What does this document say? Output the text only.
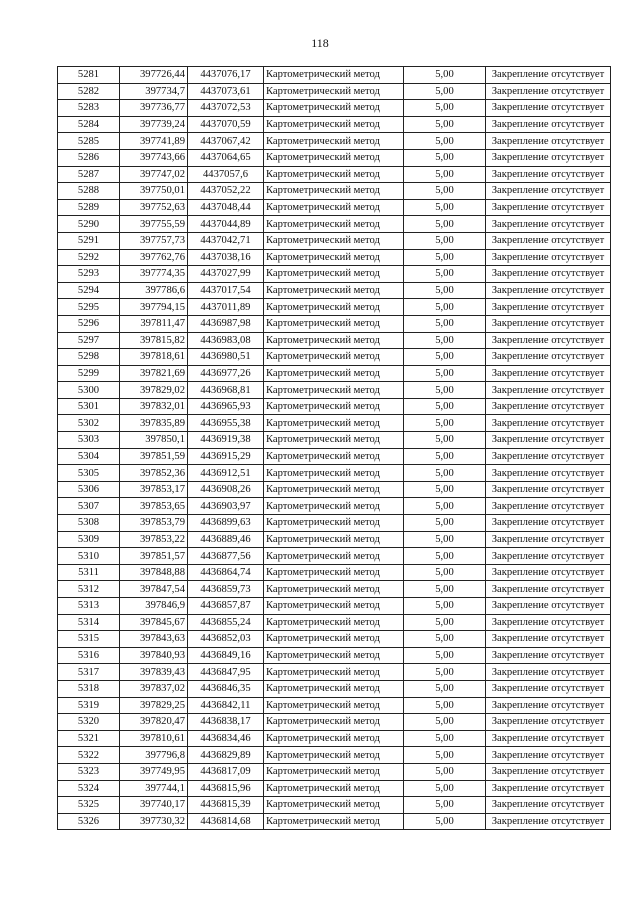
118
5281	397726,44	4437076,17	Картометрический метод	5,00	Закрепление отсутствует
5282	397734,7	4437073,61	Картометрический метод	5,00	Закрепление отсутствует
5283	397736,77	4437072,53	Картометрический метод	5,00	Закрепление отсутствует
5284	397739,24	4437070,59	Картометрический метод	5,00	Закрепление отсутствует
5285	397741,89	4437067,42	Картометрический метод	5,00	Закрепление отсутствует
5286	397743,66	4437064,65	Картометрический метод	5,00	Закрепление отсутствует
5287	397747,02	4437057,6	Картометрический метод	5,00	Закрепление отсутствует
5288	397750,01	4437052,22	Картометрический метод	5,00	Закрепление отсутствует
5289	397752,63	4437048,44	Картометрический метод	5,00	Закрепление отсутствует
5290	397755,59	4437044,89	Картометрический метод	5,00	Закрепление отсутствует
5291	397757,73	4437042,71	Картометрический метод	5,00	Закрепление отсутствует
5292	397762,76	4437038,16	Картометрический метод	5,00	Закрепление отсутствует
5293	397774,35	4437027,99	Картометрический метод	5,00	Закрепление отсутствует
5294	397786,6	4437017,54	Картометрический метод	5,00	Закрепление отсутствует
5295	397794,15	4437011,89	Картометрический метод	5,00	Закрепление отсутствует
5296	397811,47	4436987,98	Картометрический метод	5,00	Закрепление отсутствует
5297	397815,82	4436983,08	Картометрический метод	5,00	Закрепление отсутствует
5298	397818,61	4436980,51	Картометрический метод	5,00	Закрепление отсутствует
5299	397821,69	4436977,26	Картометрический метод	5,00	Закрепление отсутствует
5300	397829,02	4436968,81	Картометрический метод	5,00	Закрепление отсутствует
5301	397832,01	4436965,93	Картометрический метод	5,00	Закрепление отсутствует
5302	397835,89	4436955,38	Картометрический метод	5,00	Закрепление отсутствует
5303	397850,1	4436919,38	Картометрический метод	5,00	Закрепление отсутствует
5304	397851,59	4436915,29	Картометрический метод	5,00	Закрепление отсутствует
5305	397852,36	4436912,51	Картометрический метод	5,00	Закрепление отсутствует
5306	397853,17	4436908,26	Картометрический метод	5,00	Закрепление отсутствует
5307	397853,65	4436903,97	Картометрический метод	5,00	Закрепление отсутствует
5308	397853,79	4436899,63	Картометрический метод	5,00	Закрепление отсутствует
5309	397853,22	4436889,46	Картометрический метод	5,00	Закрепление отсутствует
5310	397851,57	4436877,56	Картометрический метод	5,00	Закрепление отсутствует
5311	397848,88	4436864,74	Картометрический метод	5,00	Закрепление отсутствует
5312	397847,54	4436859,73	Картометрический метод	5,00	Закрепление отсутствует
5313	397846,9	4436857,87	Картометрический метод	5,00	Закрепление отсутствует
5314	397845,67	4436855,24	Картометрический метод	5,00	Закрепление отсутствует
5315	397843,63	4436852,03	Картометрический метод	5,00	Закрепление отсутствует
5316	397840,93	4436849,16	Картометрический метод	5,00	Закрепление отсутствует
5317	397839,43	4436847,95	Картометрический метод	5,00	Закрепление отсутствует
5318	397837,02	4436846,35	Картометрический метод	5,00	Закрепление отсутствует
5319	397829,25	4436842,11	Картометрический метод	5,00	Закрепление отсутствует
5320	397820,47	4436838,17	Картометрический метод	5,00	Закрепление отсутствует
5321	397810,61	4436834,46	Картометрический метод	5,00	Закрепление отсутствует
5322	397796,8	4436829,89	Картометрический метод	5,00	Закрепление отсутствует
5323	397749,95	4436817,09	Картометрический метод	5,00	Закрепление отсутствует
5324	397744,1	4436815,96	Картометрический метод	5,00	Закрепление отсутствует
5325	397740,17	4436815,39	Картометрический метод	5,00	Закрепление отсутствует
5326	397730,32	4436814,68	Картометрический метод	5,00	Закрепление отсутствует
